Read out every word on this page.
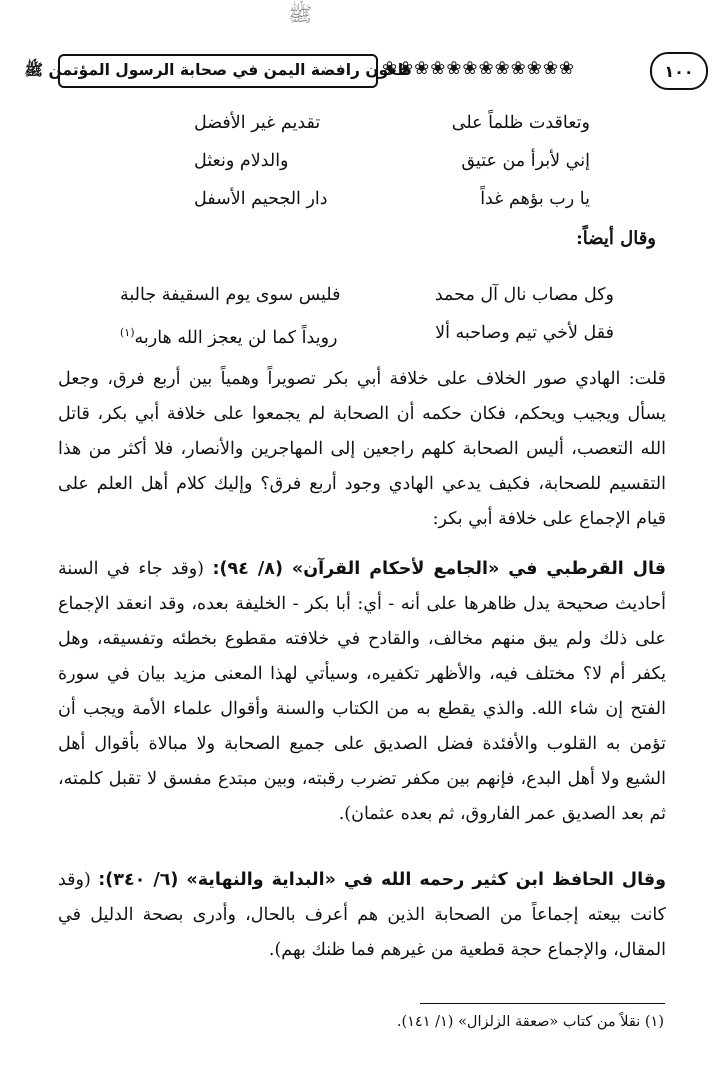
ﷺ
طعون رافضة اليمن في صحابة الرسول المؤتمن ﷺ
❀❀❀❀❀❀❀❀❀❀❀❀	١٠٠
وتعاقدت ظلماً على
تقديم غير الأفضل
إني لأبرأ من عتيق
والدلام ونعثل
يا رب بؤهم غداً
دار الجحيم الأسفل
وقال أيضاً:
وكل مصاب نال آل محمد
فليس سوى يوم السقيفة جالبة
فقل لأخي تيم وصاحبه ألا
رويداً كما لن يعجز الله هاربه$^{(١)}$
قلت: الهادي صور الخلاف على خلافة أبي بكر تصويراً وهمياً بين أربع فرق، وجعل يسأل ويجيب ويحكم، فكان حكمه أن الصحابة لم يجمعوا على خلافة أبي بكر، قاتل الله التعصب، أليس الصحابة كلهم راجعين إلى المهاجرين والأنصار، فلا أكثر من هذا التقسيم للصحابة، فكيف يدعي الهادي وجود أربع فرق؟ وإليك كلام أهل العلم على قيام الإجماع على خلافة أبي بكر:
قال القرطبي في «الجامع لأحكام القرآن» (٨/ ٩٤): (وقد جاء في السنة أحاديث صحيحة يدل ظاهرها على أنه - أي: أبا بكر - الخليفة بعده، وقد انعقد الإجماع على ذلك ولم يبق منهم مخالف، والقادح في خلافته مقطوع بخطئه وتفسيقه، وهل يكفر أم لا؟ مختلف فيه، والأظهر تكفيره، وسيأتي لهذا المعنى مزيد بيان في سورة الفتح إن شاء الله. والذي يقطع به من الكتاب والسنة وأقوال علماء الأمة ويجب أن تؤمن به القلوب والأفئدة فضل الصديق على جميع الصحابة ولا مبالاة بأقوال أهل الشيع ولا أهل البدع، فإنهم بين مكفر تضرب رقبته، وبين مبتدع مفسق لا تقبل كلمته، ثم بعد الصديق عمر الفاروق، ثم بعده عثمان).
وقال الحافظ ابن كثير رحمه الله في «البداية والنهاية» (٦/ ٣٤٠): (وقد كانت بيعته إجماعاً من الصحابة الذين هم أعرف بالحال، وأدرى بصحة الدليل في المقال، والإجماع حجة قطعية من غيرهم فما ظنك بهم).
(١) نقلاً من كتاب «صعقة الزلزال» (١/ ١٤١).
